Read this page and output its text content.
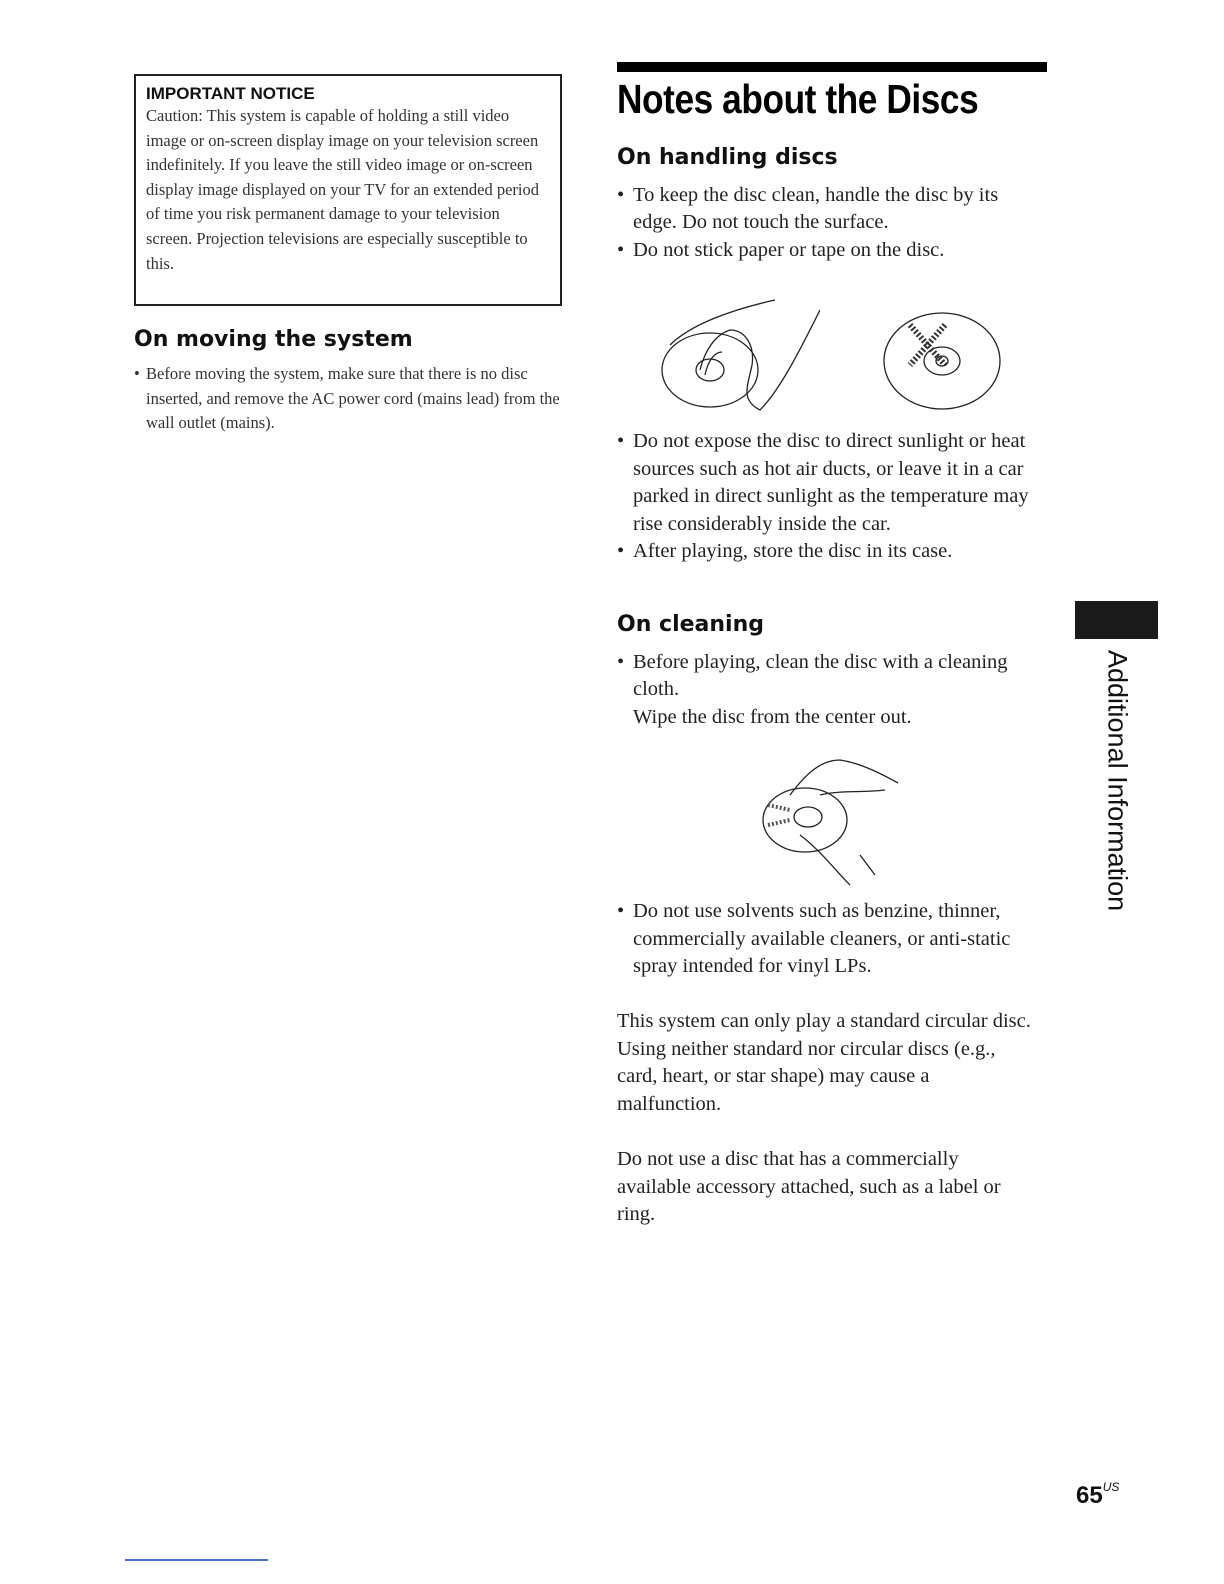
IMPORTANT NOTICE
Caution: This system is capable of holding a still video image or on-screen display image on your television screen indefinitely. If you leave the still video image or on-screen display image displayed on your TV for an extended period of time you risk permanent damage to your television screen. Projection televisions are especially susceptible to this.
On moving the system
• Before moving the system, make sure that there is no disc inserted, and remove the AC power cord (mains lead) from the wall outlet (mains).
Notes about the Discs
On handling discs
• To keep the disc clean, handle the disc by its edge. Do not touch the surface.
• Do not stick paper or tape on the disc.
• Do not expose the disc to direct sunlight or heat sources such as hot air ducts, or leave it in a car parked in direct sunlight as the temperature may rise considerably inside the car.
• After playing, store the disc in its case.
On cleaning
• Before playing, clean the disc with a cleaning cloth.
Wipe the disc from the center out.
• Do not use solvents such as benzine, thinner, commercially available cleaners, or anti-static spray intended for vinyl LPs.

This system can only play a standard circular disc. Using neither standard nor circular discs (e.g., card, heart, or star shape) may cause a malfunction.

Do not use a disc that has a commercially available accessory attached, such as a label or ring.

Additional Information
$65^{US}$
